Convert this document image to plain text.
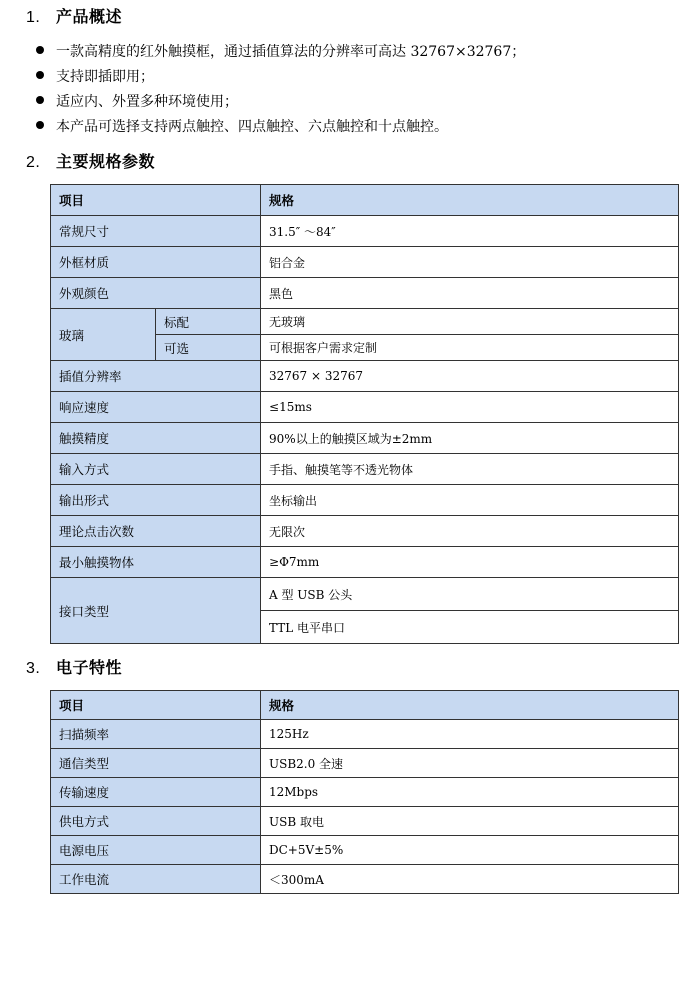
1. 产品概述
一款高精度的红外触摸框，通过插值算法的分辨率可高达 32767×32767；
支持即插即用；
适应内、外置多种环境使用；
本产品可选择支持两点触控、四点触控、六点触控和十点触控。
2. 主要规格参数
项目		规格
常规尺寸		31.5″ ～84″
外框材质		铝合金
外观颜色		黑色
玻璃	标配	无玻璃
	可选	可根据客户需求定制
插值分辨率		32767 × 32767
响应速度		≤15ms
触摸精度		90%以上的触摸区域为±2mm
输入方式		手指、触摸笔等不透光物体
输出形式		坐标输出
理论点击次数		无限次
最小触摸物体		≥Φ7mm
接口类型		A 型 USB 公头
		TTL 电平串口
3. 电子特性
项目	规格
扫描频率	125Hz
通信类型	USB2.0 全速
传输速度	12Mbps
供电方式	USB 取电
电源电压	DC+5V±5%
工作电流	＜300mA
